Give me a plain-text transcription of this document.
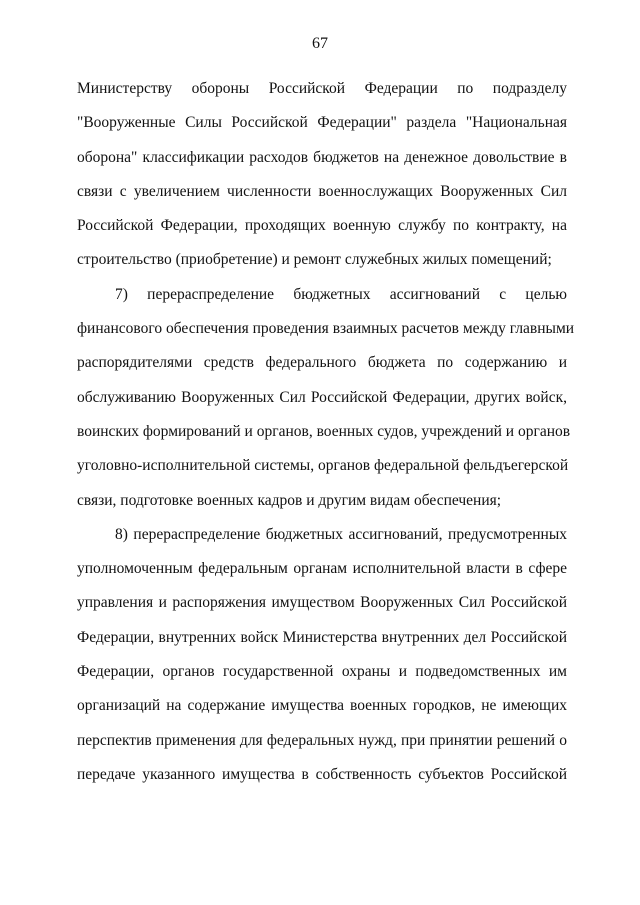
67
Министерству обороны Российской Федерации по подразделу
"Вооруженные Силы Российской Федерации" раздела "Национальная
оборона" классификации расходов бюджетов на денежное довольствие в
связи с увеличением численности военнослужащих Вооруженных Сил
Российской Федерации, проходящих военную службу по контракту, на
строительство (приобретение) и ремонт служебных жилых помещений;
7) перераспределение бюджетных ассигнований с целью
финансового обеспечения проведения взаимных расчетов между главными
распорядителями средств федерального бюджета по содержанию и
обслуживанию Вооруженных Сил Российской Федерации, других войск,
воинских формирований и органов, военных судов, учреждений и органов
уголовно-исполнительной системы, органов федеральной фельдъегерской
связи, подготовке военных кадров и другим видам обеспечения;
8) перераспределение бюджетных ассигнований, предусмотренных
уполномоченным федеральным органам исполнительной власти в сфере
управления и распоряжения имуществом Вооруженных Сил Российской
Федерации, внутренних войск Министерства внутренних дел Российской
Федерации, органов государственной охраны и подведомственных им
организаций на содержание имущества военных городков, не имеющих
перспектив применения для федеральных нужд, при принятии решений о
передаче указанного имущества в собственность субъектов Российской
